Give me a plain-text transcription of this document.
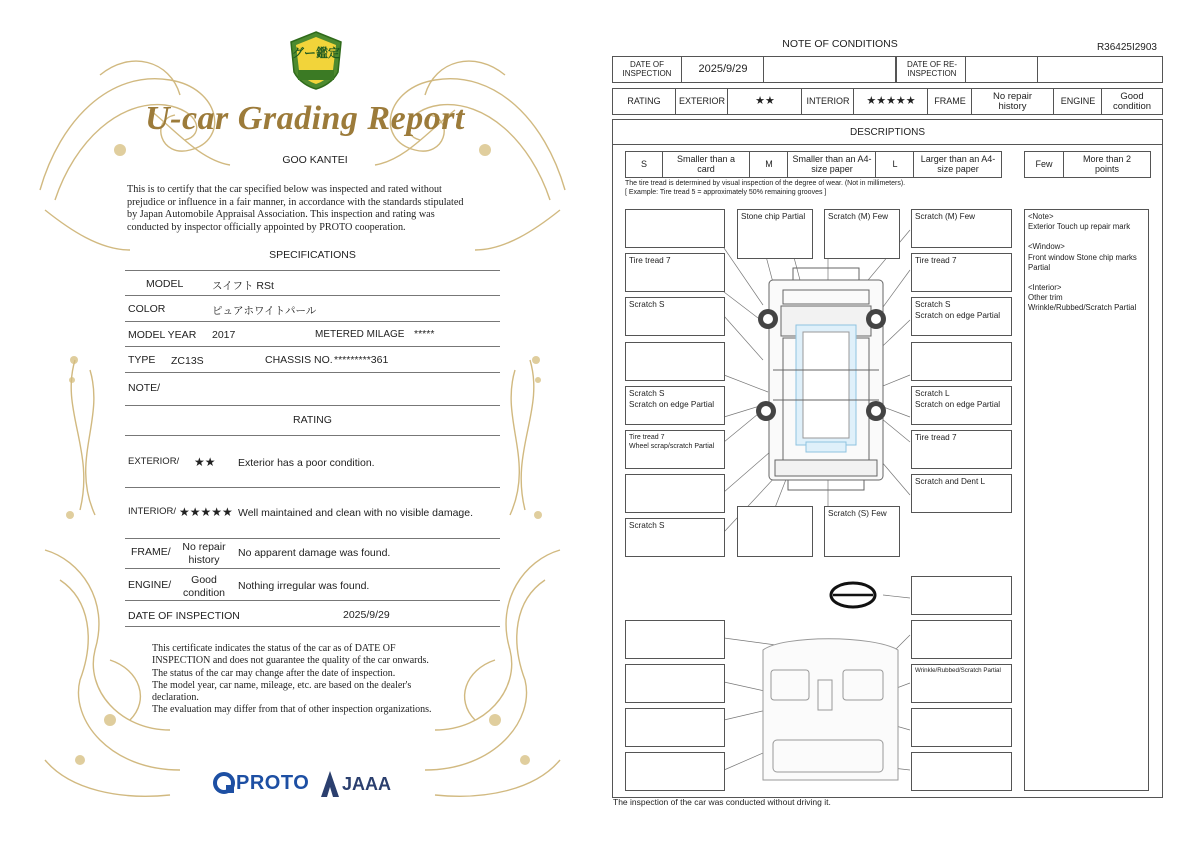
グー鑑定
U-car Grading Report
GOO KANTEI
This is to certify that the car specified below was inspected and rated without
prejudice or influence in a fair manner, in accordance with the standards stipulated
by Japan Automobile Appraisal Association. This inspection and rating was
conducted by inspector officially appointed by PROTO cooperation.
SPECIFICATIONS
MODEL	スイフト RSt
COLOR	ピュアホワイトパール
MODEL YEAR 2017	METERED MILAGE *****
TYPE ZC13S	CHASSIS NO. *********361
NOTE/
RATING
EXTERIOR/ ★★ Exterior has a poor condition.
INTERIOR/ ★★★★★ Well maintained and clean with no visible damage.
FRAME/	No repair history
No apparent damage was found.
ENGINE/	Good condition
Nothing irregular was found.
DATE OF INSPECTION	2025/9/29
This certificate indicates the status of the car as of DATE OF
INSPECTION and does not guarantee the quality of the car onwards.
The status of the car may change after the date of inspection.
The model year, car name, mileage, etc. are based on the dealer's
declaration.
The evaluation may differ from that of other inspection organizations.
PROTO JAAA
NOTE OF CONDITIONS	R36425I2903
DATE OF INSPECTION	2025/9/29	DATE OF RE-INSPECTION
RATING	EXTERIOR	★★	INTERIOR	★★★★★	FRAME	No repair history	ENGINE	Good condition
DESCRIPTIONS
S	Smaller than a card	M	Smaller than an A4-size paper	L	Larger than an A4-size paper	Few	More than 2 points
The tire tread is determined by visual inspection of the degree of wear. (Not in millimeters).
[ Example: Tire tread 5 = approximately 50% remaining grooves ]
Stone chip Partial	Scratch (M) Few	Scratch (M) Few
Tire tread 7	Tire tread 7
Scratch S	Scratch S
Scratch on edge Partial
Scratch S
Scratch on edge Partial
Scratch L
Scratch on edge Partial
Tire tread 7
Wheel scrap/scratch Partial
Tire tread 7
Scratch and Dent L
Scratch S
Scratch (S) Few
Wrinkle/Rubbed/Scratch Partial
<Note>
Exterior Touch up repair mark

<Window>
Front window Stone chip marks Partial

<Interior>
Other trim
Wrinkle/Rubbed/Scratch Partial
The inspection of the car was conducted without driving it.
